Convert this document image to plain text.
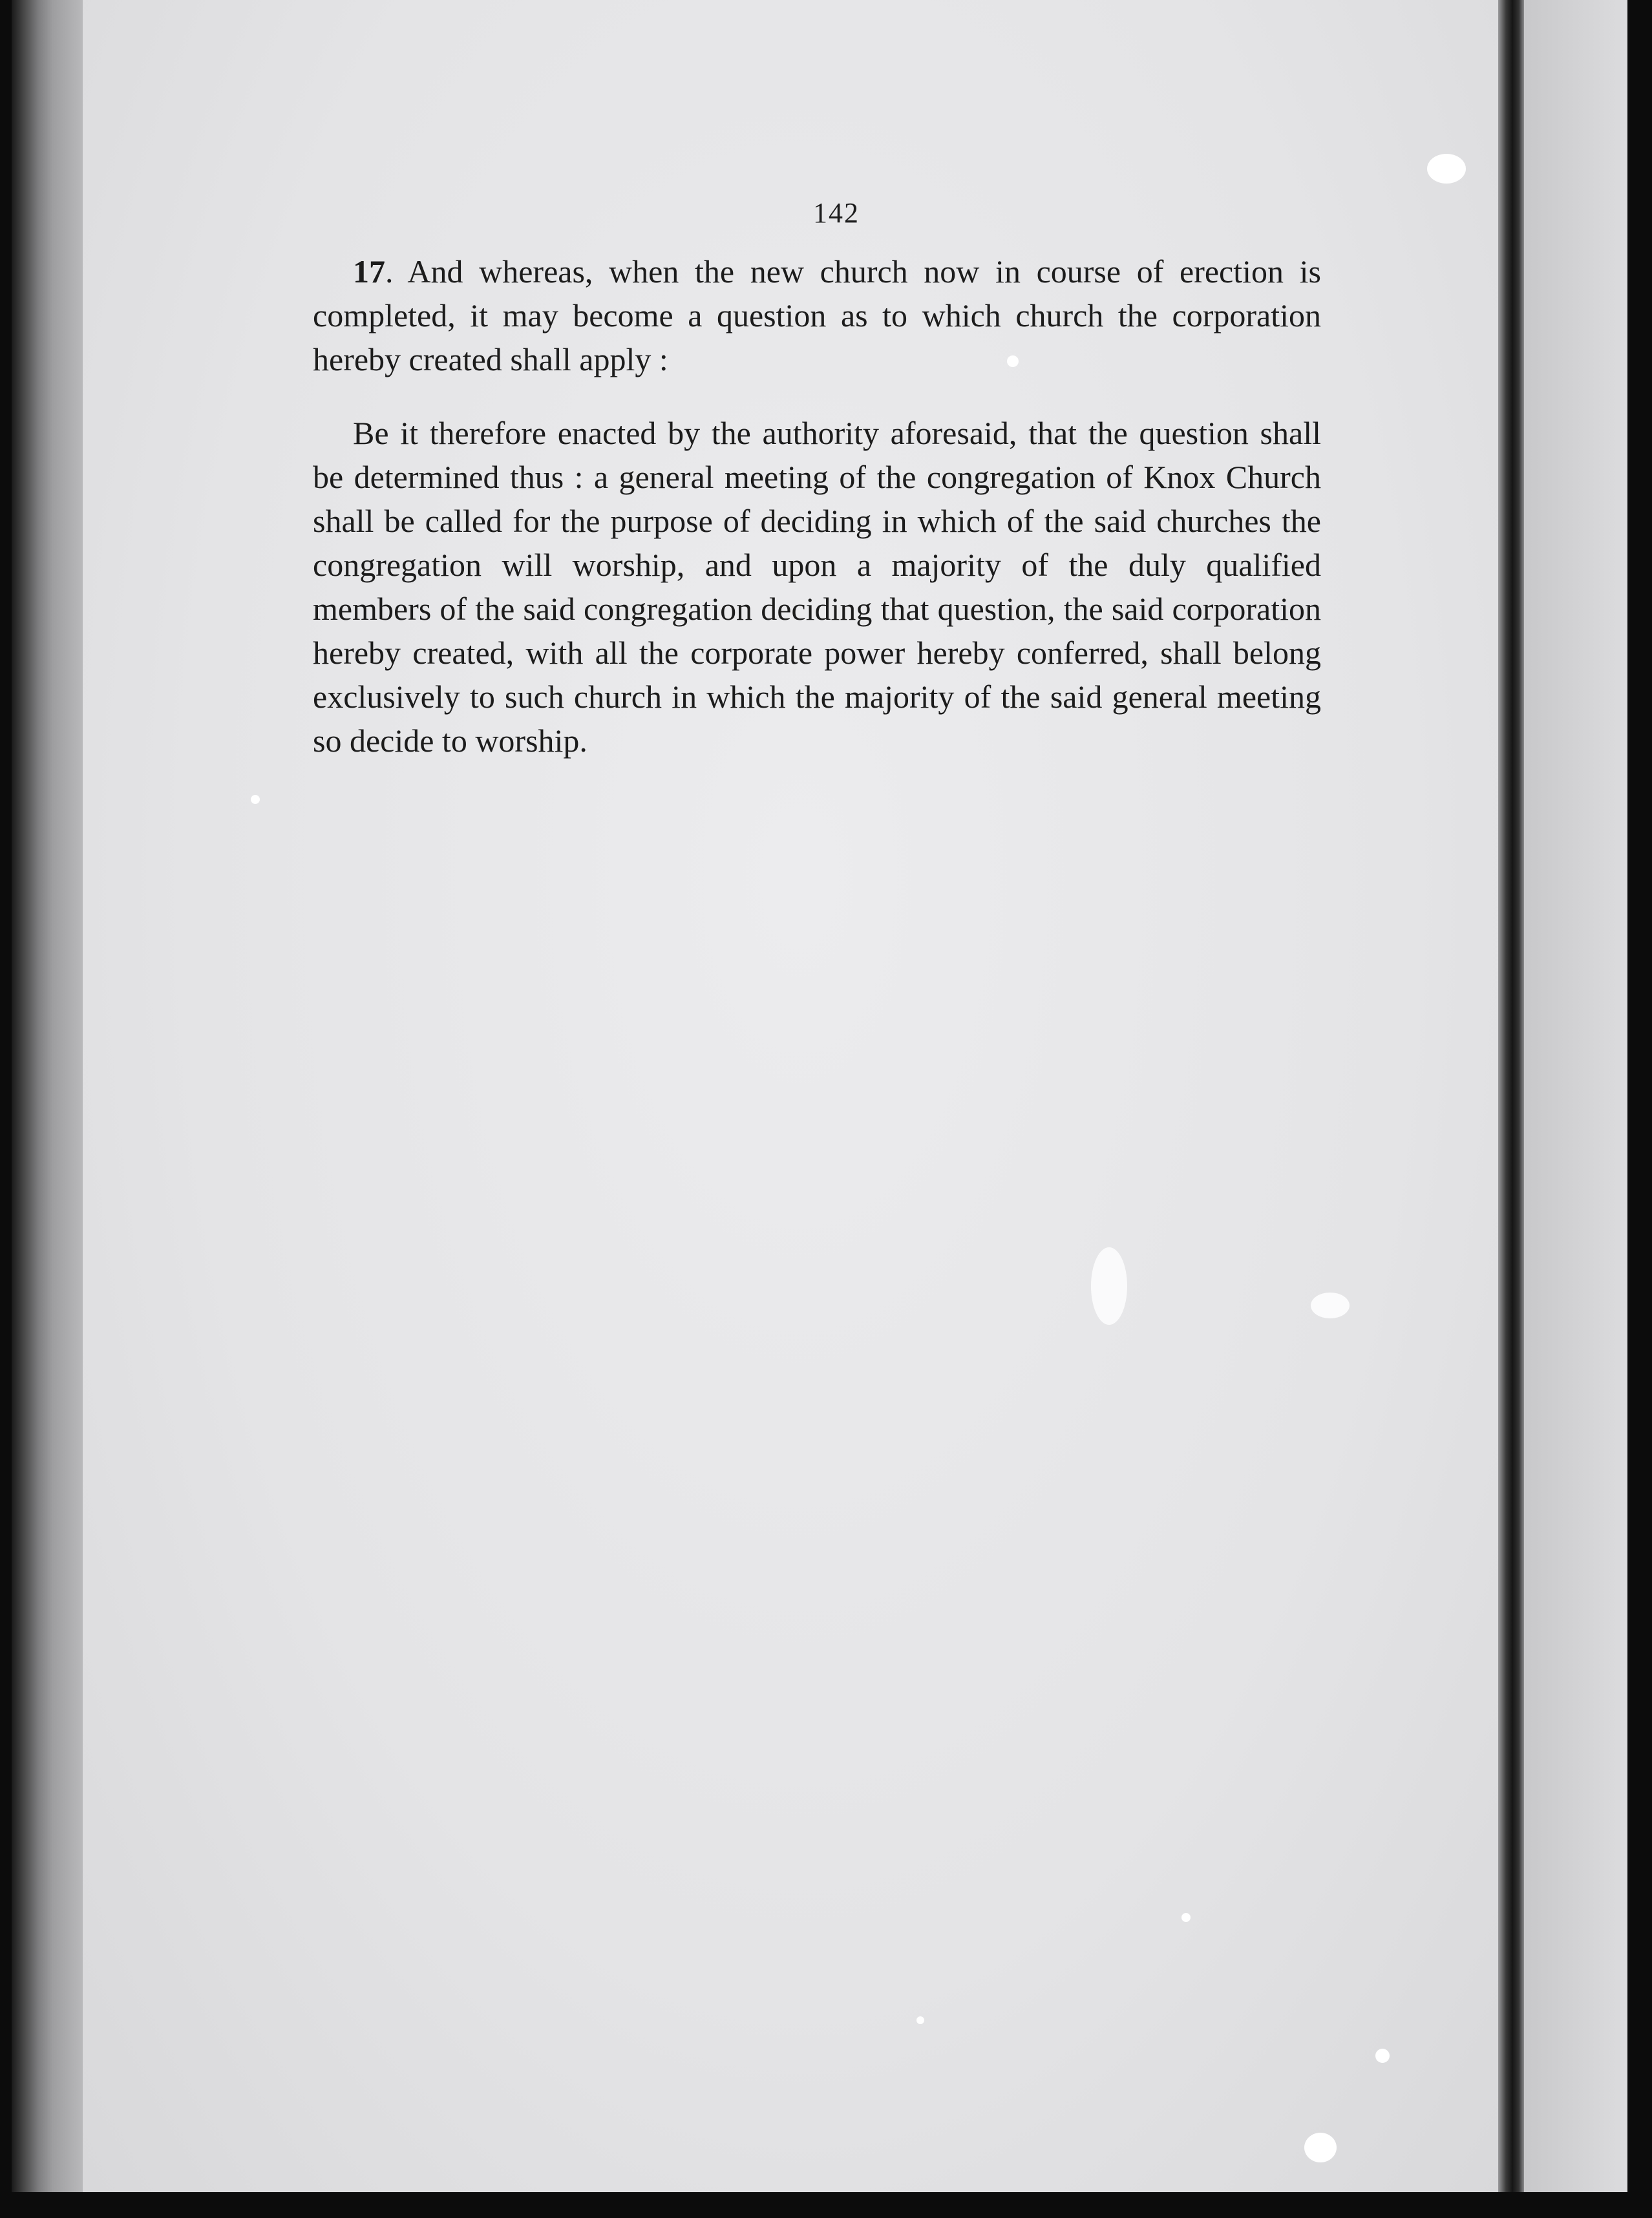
142

17. And whereas, when the new church now in course of erection is completed, it may become a question as to which church the corporation hereby created shall apply :

Be it therefore enacted by the authority aforesaid, that the question shall be determined thus : a general meeting of the congregation of Knox Church shall be called for the purpose of deciding in which of the said churches the congregation will worship, and upon a majority of the duly qualified members of the said congregation deciding that question, the said corporation hereby created, with all the corporate power hereby conferred, shall belong exclusively to such church in which the majority of the said general meeting so decide to worship.
